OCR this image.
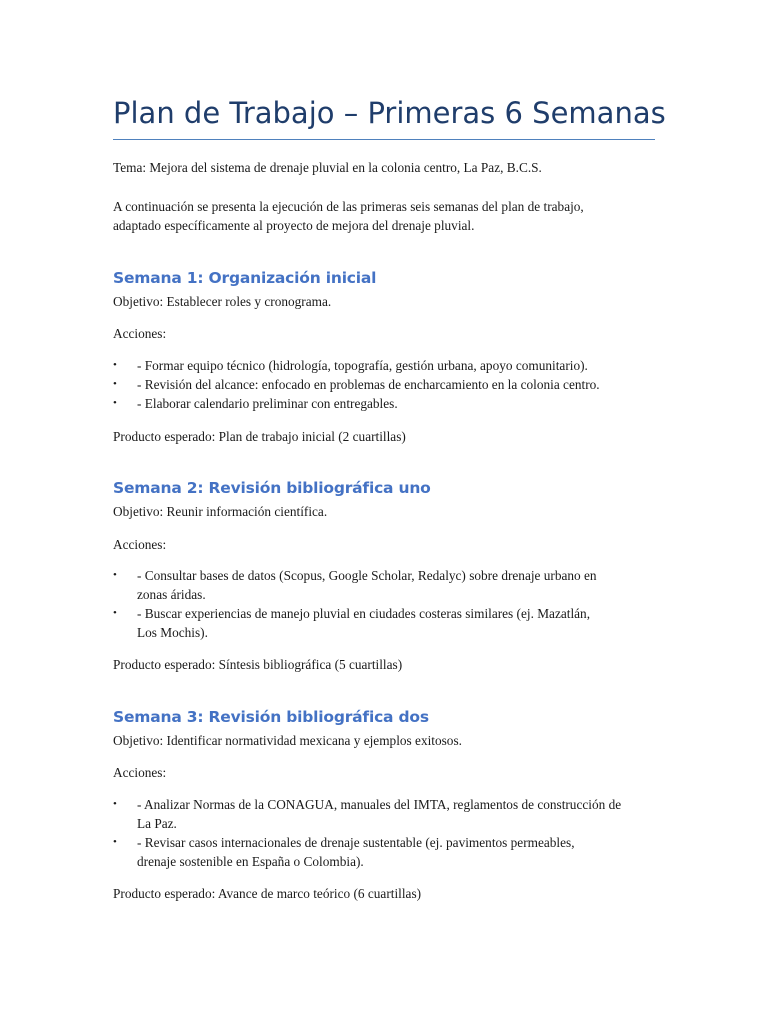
Plan de Trabajo – Primeras 6 Semanas

Tema: Mejora del sistema de drenaje pluvial en la colonia centro, La Paz, B.C.S.

A continuación se presenta la ejecución de las primeras seis semanas del plan de trabajo,

adaptado específicamente al proyecto de mejora del drenaje pluvial.

Semana 1: Organización inicial

Objetivo: Establecer roles y cronograma.

Acciones:

•	- Formar equipo técnico (hidrología, topografía, gestión urbana, apoyo comunitario).
•	- Revisión del alcance: enfocado en problemas de encharcamiento en la colonia centro.
•	- Elaborar calendario preliminar con entregables.

Producto esperado: Plan de trabajo inicial (2 cuartillas)

Semana 2: Revisión bibliográfica uno

Objetivo: Reunir información científica.

Acciones:

•	- Consultar bases de datos (Scopus, Google Scholar, Redalyc) sobre drenaje urbano en
zonas áridas.
•	- Buscar experiencias de manejo pluvial en ciudades costeras similares (ej. Mazatlán,
Los Mochis).

Producto esperado: Síntesis bibliográfica (5 cuartillas)

Semana 3: Revisión bibliográfica dos

Objetivo: Identificar normatividad mexicana y ejemplos exitosos.

Acciones:

•	- Analizar Normas de la CONAGUA, manuales del IMTA, reglamentos de construcción de
La Paz.
•	- Revisar casos internacionales de drenaje sustentable (ej. pavimentos permeables,
drenaje sostenible en España o Colombia).

Producto esperado: Avance de marco teórico (6 cuartillas)
